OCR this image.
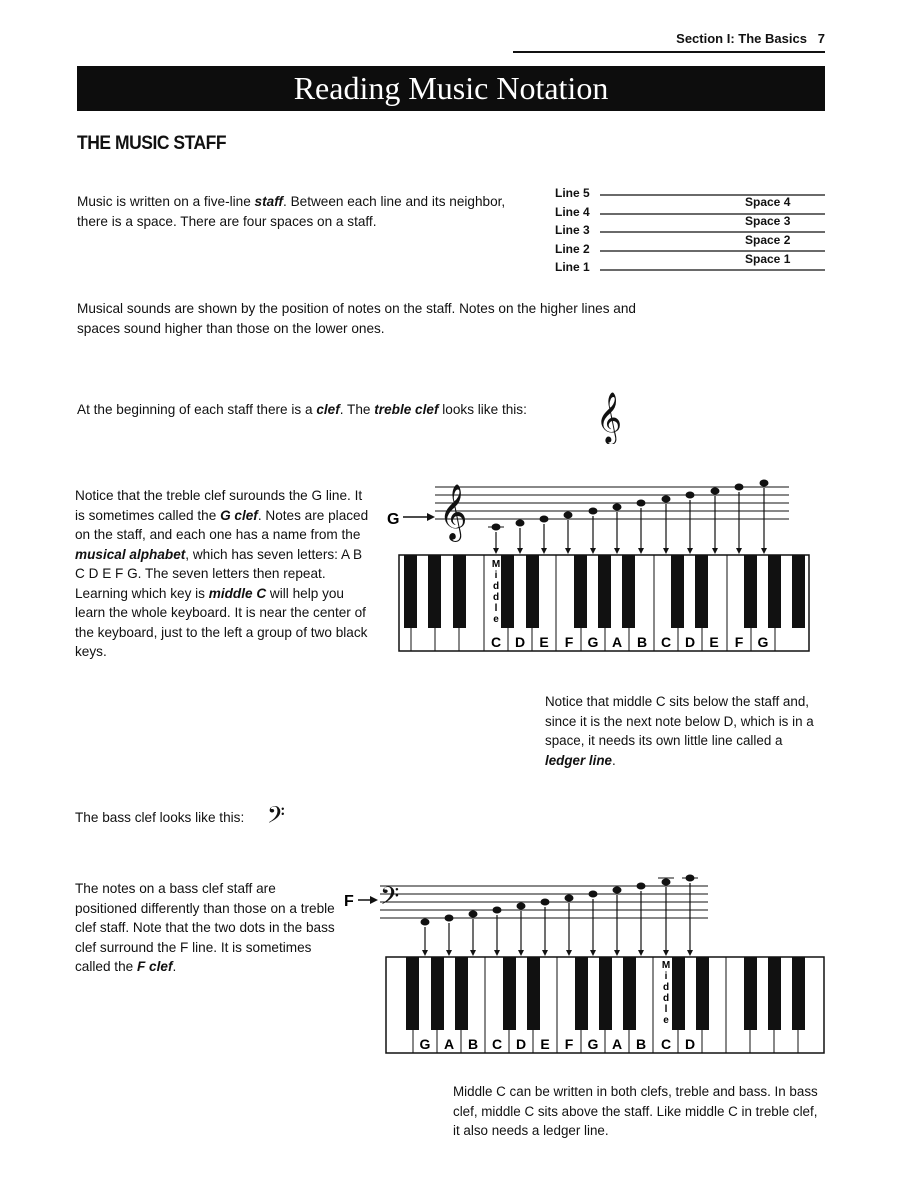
Section I: The Basics 7
Reading Music Notation
THE MUSIC STAFF
Music is written on a five-line staff. Between each line and its neighbor, there is a space. There are four spaces on a staff.
Line 5
Line 4
Line 3
Line 2
Line 1
Space 4
Space 3
Space 2
Space 1
Musical sounds are shown by the position of notes on the staff. Notes on the higher lines and spaces sound higher than those on the lower ones.
At the beginning of each staff there is a clef. The treble clef looks like this:	𝄞
Notice that the treble clef surounds the G line. It is sometimes called the G clef. Notes are placed on the staff, and each one has a name from the musical alphabet, which has seven letters: A B C D E F G. The seven letters then repeat. Learning which key is middle C will help you learn the whole keyboard. It is near the center of the keyboard, just to the left a group of two black keys.
G 𝄞
M
i
d
d
l
e
C D E F G A B C D E F G
Notice that middle C sits below the staff and, since it is the next note below D, which is in a space, it needs its own little line called a ledger line.
The bass clef looks like this: 𝄢
The notes on a bass clef staff are positioned differently than those on a treble clef staff. Note that the two dots in the bass clef surround the F line. It is sometimes called the F clef.
F 𝄢
M
i
d
d
l
e
G A B C D E F G A B C D
Middle C can be written in both clefs, treble and bass. In bass clef, middle C sits above the staff. Like middle C in treble clef, it also needs a ledger line.
